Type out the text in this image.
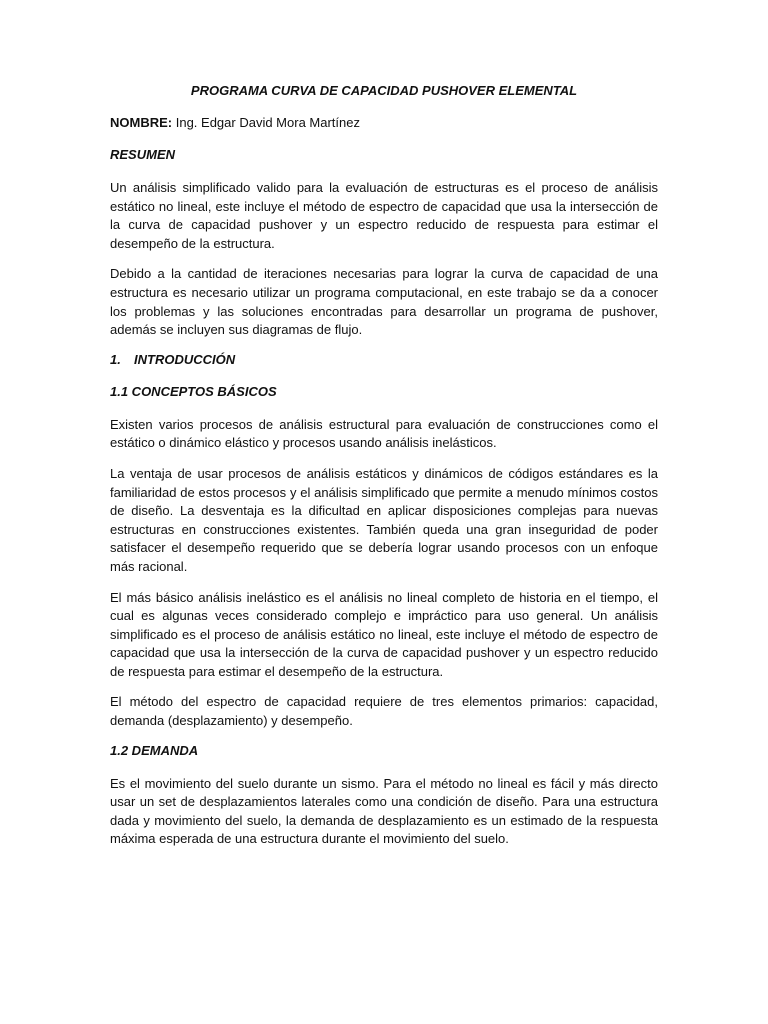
PROGRAMA CURVA DE CAPACIDAD PUSHOVER ELEMENTAL
NOMBRE: Ing. Edgar David Mora Martínez
RESUMEN

Un análisis simplificado valido para la evaluación de estructuras es el proceso de análisis estático no lineal, este incluye el método de espectro de capacidad que usa la intersección de la curva de capacidad pushover y un espectro reducido de respuesta para estimar el desempeño de la estructura.

Debido a la cantidad de iteraciones necesarias para lograr la curva de capacidad de una estructura es necesario utilizar un programa computacional, en este trabajo se da a conocer los problemas y las soluciones encontradas para desarrollar un programa de pushover, además se incluyen sus diagramas de flujo.

1. INTRODUCCIÓN
1.1 CONCEPTOS BÁSICOS

Existen varios procesos de análisis estructural para evaluación de construcciones como el estático o dinámico elástico y procesos usando análisis inelásticos.

La ventaja de usar procesos de análisis estáticos y dinámicos de códigos estándares es la familiaridad de estos procesos y el análisis simplificado que permite a menudo mínimos costos de diseño. La desventaja es la dificultad en aplicar disposiciones complejas para nuevas estructuras en construcciones existentes. También queda una gran inseguridad de poder satisfacer el desempeño requerido que se debería lograr usando procesos con un enfoque más racional.

El más básico análisis inelástico es el análisis no lineal completo de historia en el tiempo, el cual es algunas veces considerado complejo e impráctico para uso general. Un análisis simplificado es el proceso de análisis estático no lineal, este incluye el método de espectro de capacidad que usa la intersección de la curva de capacidad pushover y un espectro reducido de respuesta para estimar el desempeño de la estructura.

El método del espectro de capacidad requiere de tres elementos primarios: capacidad, demanda (desplazamiento) y desempeño.

1.2 DEMANDA

Es el movimiento del suelo durante un sismo. Para el método no lineal es fácil y más directo usar un set de desplazamientos laterales como una condición de diseño. Para una estructura dada y movimiento del suelo, la demanda de desplazamiento es un estimado de la respuesta máxima esperada de una estructura durante el movimiento del suelo.
